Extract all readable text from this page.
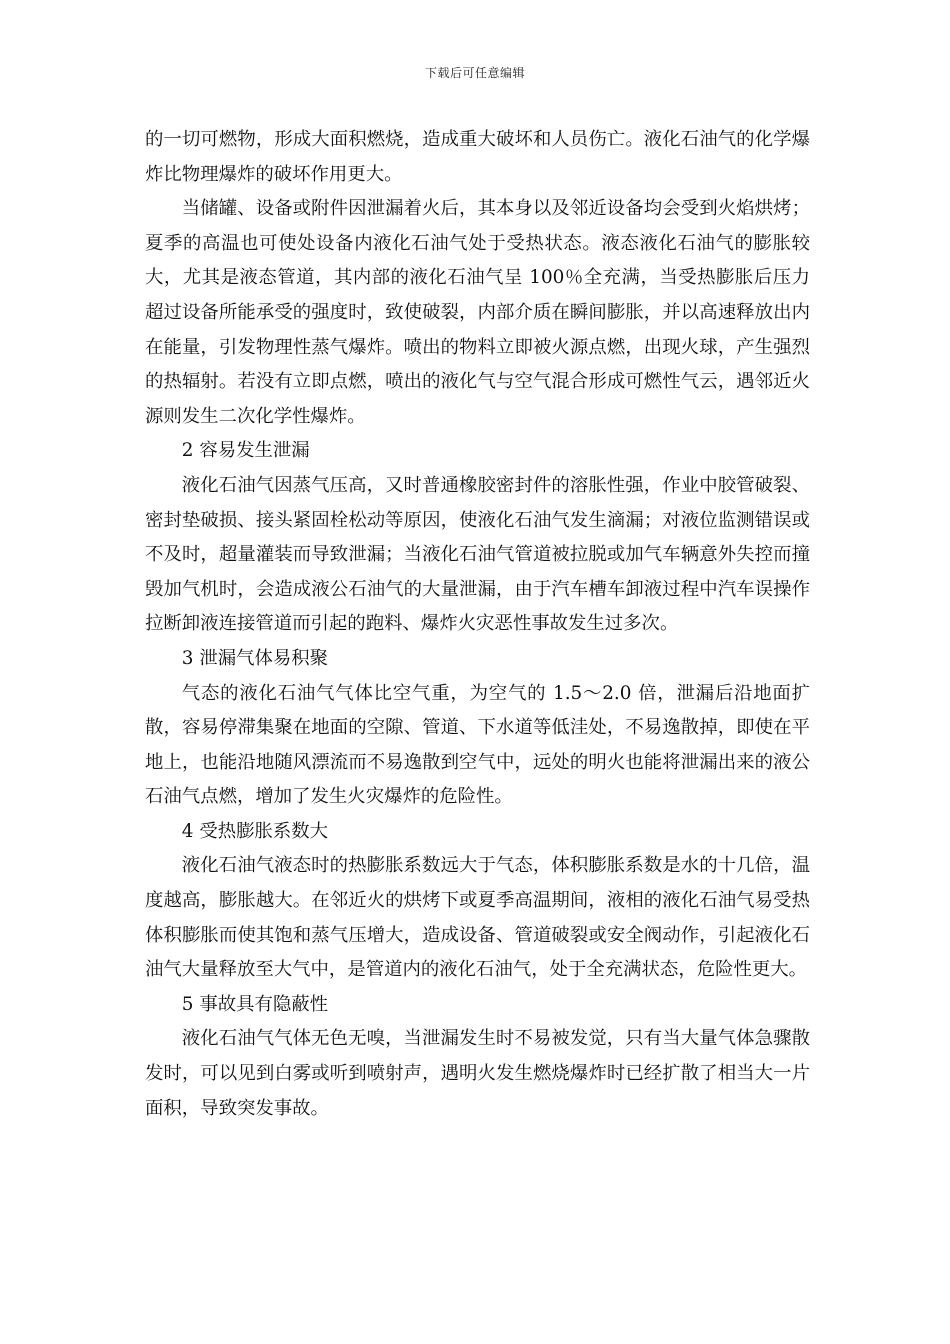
下载后可任意编辑

的一切可燃物，形成大面积燃烧，造成重大破坏和人员伤亡。液化石油气的化学爆炸比物理爆炸的破坏作用更大。

当储罐、设备或附件因泄漏着火后，其本身以及邻近设备均会受到火焰烘烤；夏季的高温也可使处设备内液化石油气处于受热状态。液态液化石油气的膨胀较大，尤其是液态管道，其内部的液化石油气呈 100％全充满，当受热膨胀后压力超过设备所能承受的强度时，致使破裂，内部介质在瞬间膨胀，并以高速释放出内在能量，引发物理性蒸气爆炸。喷出的物料立即被火源点燃，出现火球，产生强烈的热辐射。若没有立即点燃，喷出的液化气与空气混合形成可燃性气云，遇邻近火源则发生二次化学性爆炸。

2 容易发生泄漏

液化石油气因蒸气压高，又时普通橡胶密封件的溶胀性强，作业中胶管破裂、密封垫破损、接头紧固栓松动等原因，使液化石油气发生滴漏；对液位监测错误或不及时，超量灌装而导致泄漏；当液化石油气管道被拉脱或加气车辆意外失控而撞毁加气机时，会造成液公石油气的大量泄漏，由于汽车槽车卸液过程中汽车误操作拉断卸液连接管道而引起的跑料、爆炸火灾恶性事故发生过多次。

3 泄漏气体易积聚

气态的液化石油气气体比空气重，为空气的 1.5～2.0 倍，泄漏后沿地面扩散，容易停滞集聚在地面的空隙、管道、下水道等低洼处，不易逸散掉，即使在平地上，也能沿地随风漂流而不易逸散到空气中，远处的明火也能将泄漏出来的液公石油气点燃，增加了发生火灾爆炸的危险性。

4 受热膨胀系数大

液化石油气液态时的热膨胀系数远大于气态，体积膨胀系数是水的十几倍，温度越高，膨胀越大。在邻近火的烘烤下或夏季高温期间，液相的液化石油气易受热体积膨胀而使其饱和蒸气压增大，造成设备、管道破裂或安全阀动作，引起液化石油气大量释放至大气中，是管道内的液化石油气，处于全充满状态，危险性更大。

5 事故具有隐蔽性

液化石油气气体无色无嗅，当泄漏发生时不易被发觉，只有当大量气体急骤散发时，可以见到白雾或听到喷射声，遇明火发生燃烧爆炸时已经扩散了相当大一片面积，导致突发事故。
